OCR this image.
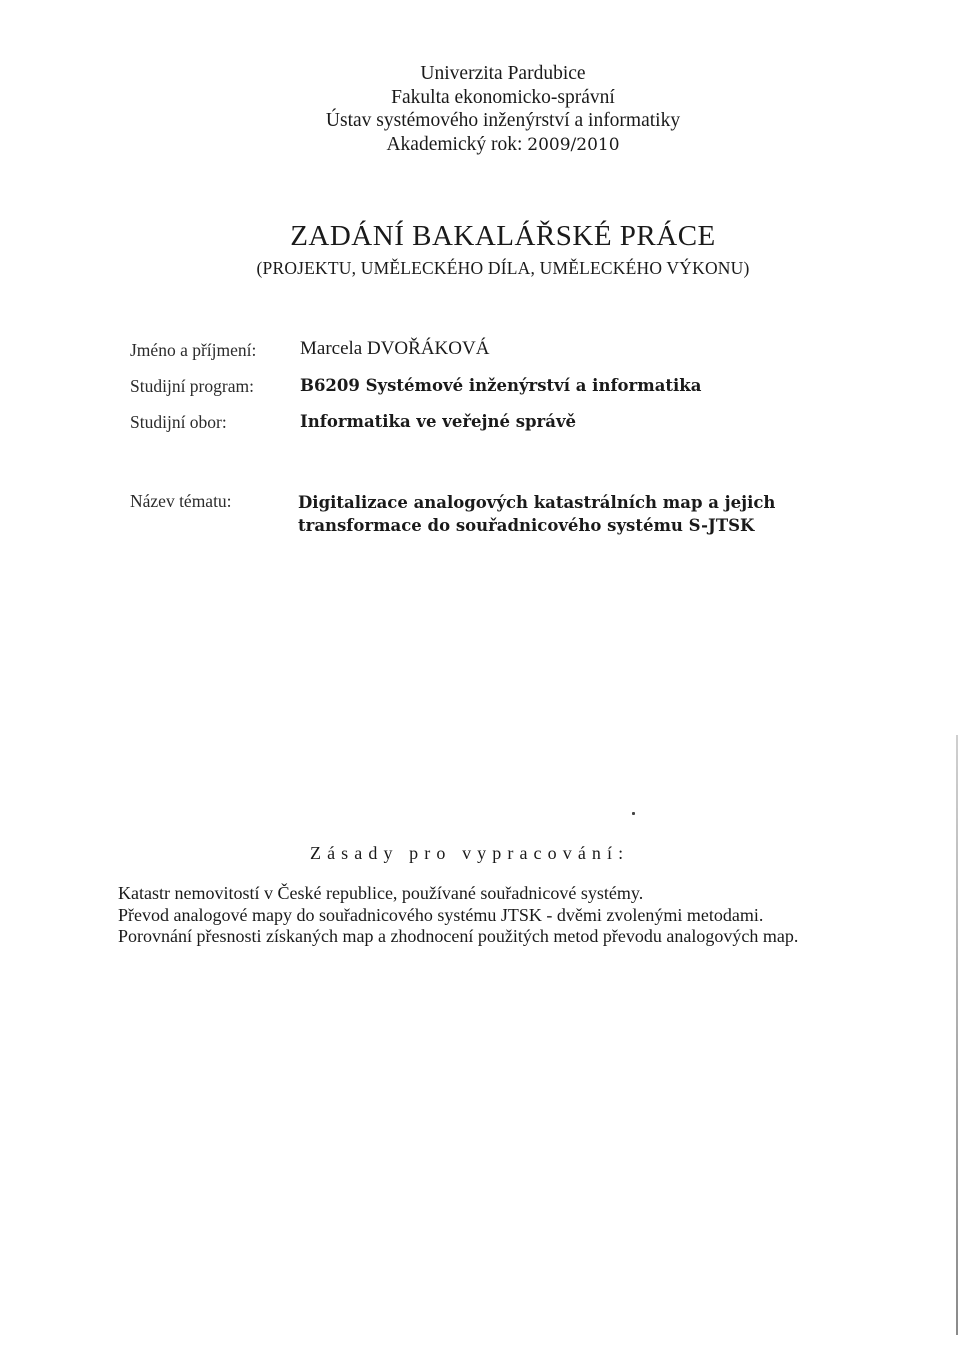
Univerzita Pardubice
Fakulta ekonomicko-správní
Ústav systémového inženýrství a informatiky
Akademický rok: 2009/2010
ZADÁNÍ BAKALÁŘSKÉ PRÁCE
(PROJEKTU, UMĚLECKÉHO DÍLA, UMĚLECKÉHO VÝKONU)
Jméno a příjmení: Marcela DVOŘÁKOVÁ
Studijní program:	B6209 Systémové inženýrství a informatika
Studijní obor:	Informatika ve veřejné správě
Název tématu:	Digitalizace analogových katastrálních map a jejich
transformace do souřadnicového systému S-JTSK
Zásady pro vypracování:
Katastr nemovitostí v České republice, používané souřadnicové systémy.
Převod analogové mapy do souřadnicového systému JTSK - dvěmi zvolenými metodami.
Porovnání přesnosti získaných map a zhodnocení použitých metod převodu analogových map.
